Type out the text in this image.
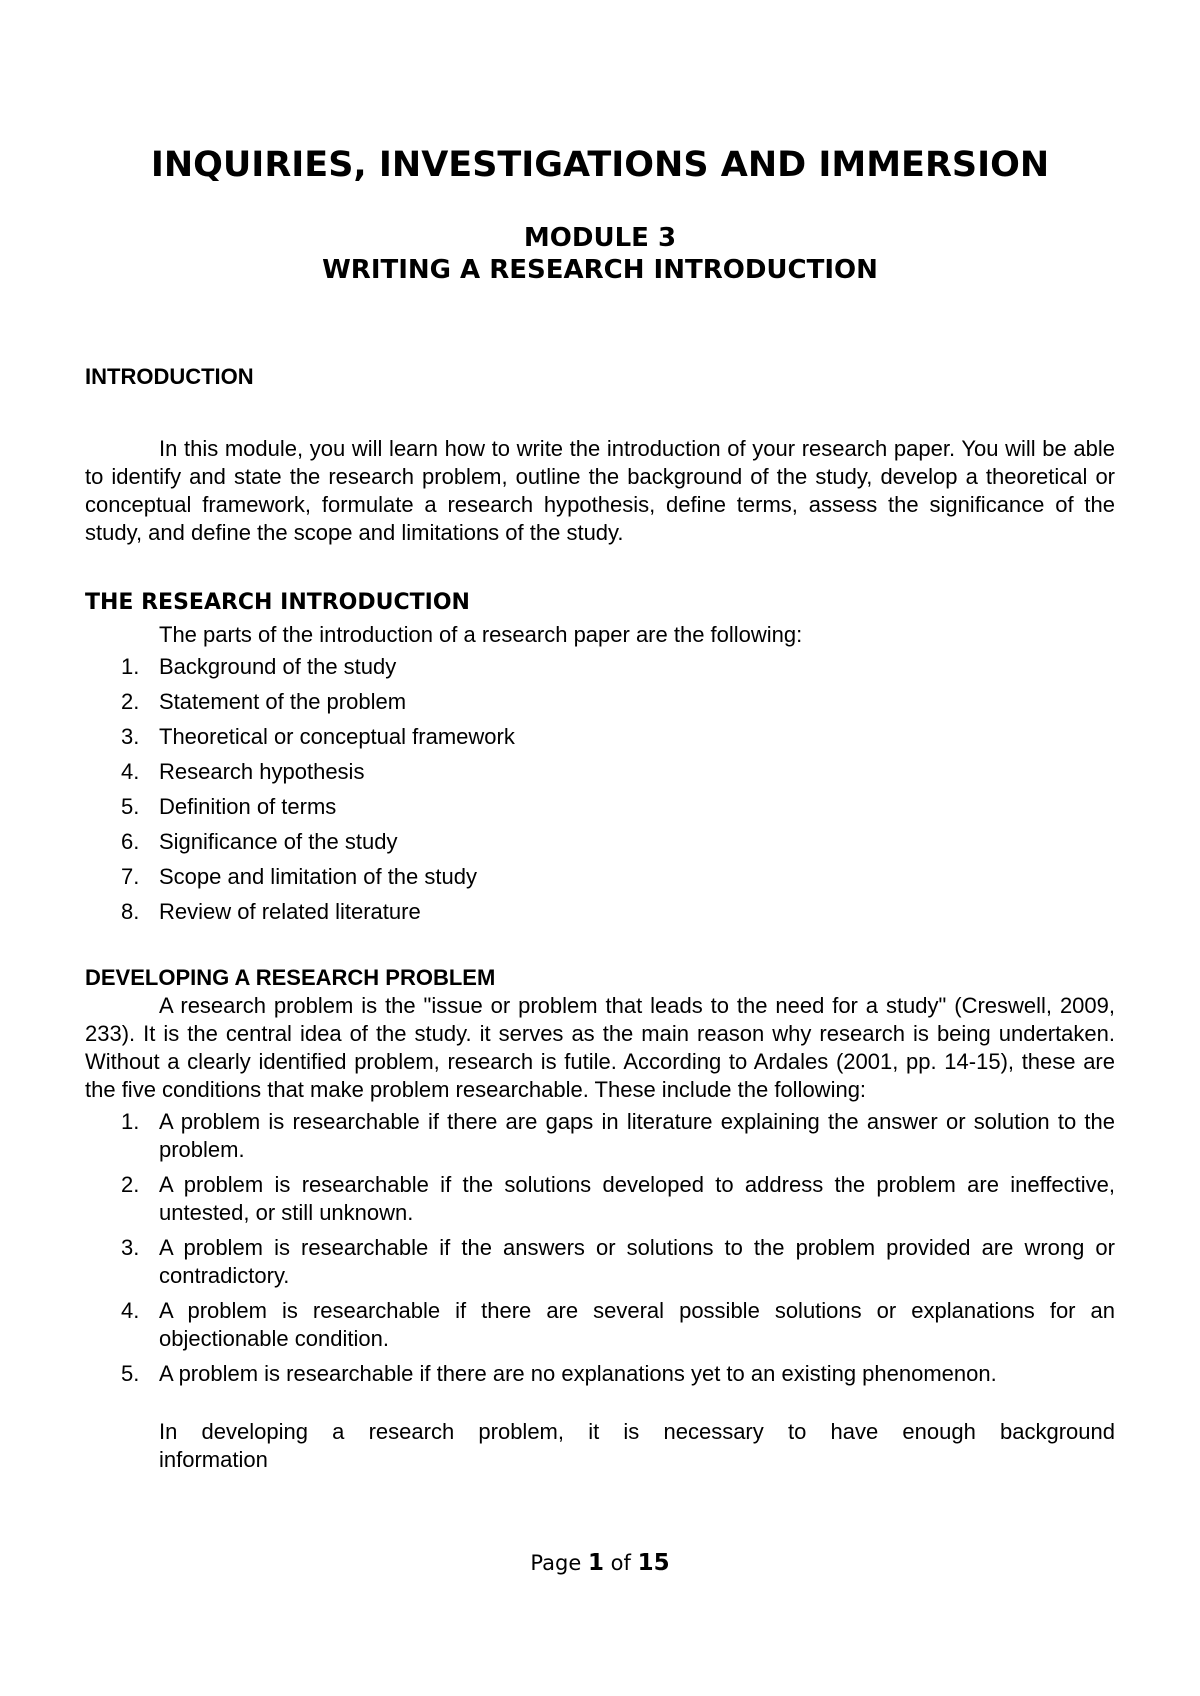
INQUIRIES, INVESTIGATIONS AND IMMERSION
MODULE 3
WRITING A RESEARCH INTRODUCTION
INTRODUCTION

In this module, you will learn how to write the introduction of your research paper. You will be able to identify and state the research problem, outline the background of the study, develop a theoretical or conceptual framework, formulate a research hypothesis, define terms, assess the significance of the study, and define the scope and limitations of the study.

THE RESEARCH INTRODUCTION

The parts of the introduction of a research paper are the following:

1. Background of the study
2. Statement of the problem
3. Theoretical or conceptual framework
4. Research hypothesis
5. Definition of terms
6. Significance of the study
7. Scope and limitation of the study
8. Review of related literature
DEVELOPING A RESEARCH PROBLEM

A research problem is the "issue or problem that leads to the need for a study" (Creswell, 2009, 233). It is the central idea of the study. it serves as the main reason why research is being undertaken. Without a clearly identified problem, research is futile. According to Ardales (2001, pp. 14-15), these are the five conditions that make problem researchable. These include the following:

1. A problem is researchable if there are gaps in literature explaining the answer or solution to the problem.
2. A problem is researchable if the solutions developed to address the problem are ineffective, untested, or still unknown.
3. A problem is researchable if the answers or solutions to the problem provided are wrong or contradictory.
4. A problem is researchable if there are several possible solutions or explanations for an objectionable condition.
5. A problem is researchable if there are no explanations yet to an existing phenomenon.

In developing a research problem, it is necessary to have enough background

information

Page 1 of 15
